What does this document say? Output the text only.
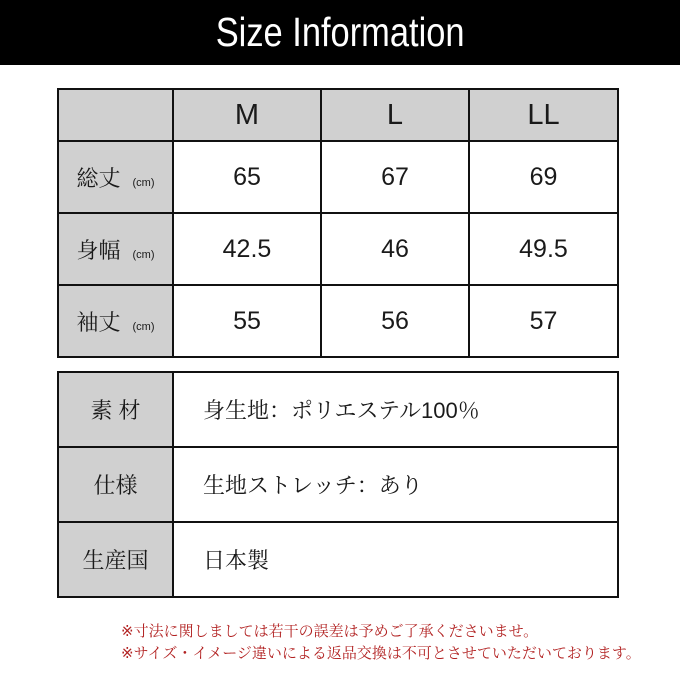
Size Information
	M	L	LL

総丈 (cm)	65	67	69

身幅 (cm)	42.5	46	49.5

袖丈 (cm)	55	56	57
素 材	身生地：ポリエステル100％
仕様	生地ストレッチ：あり
生産国	日本製
※寸法に関しましては若干の誤差は予めご了承くださいませ。
※サイズ・イメージ違いによる返品交換は不可とさせていただいております。
